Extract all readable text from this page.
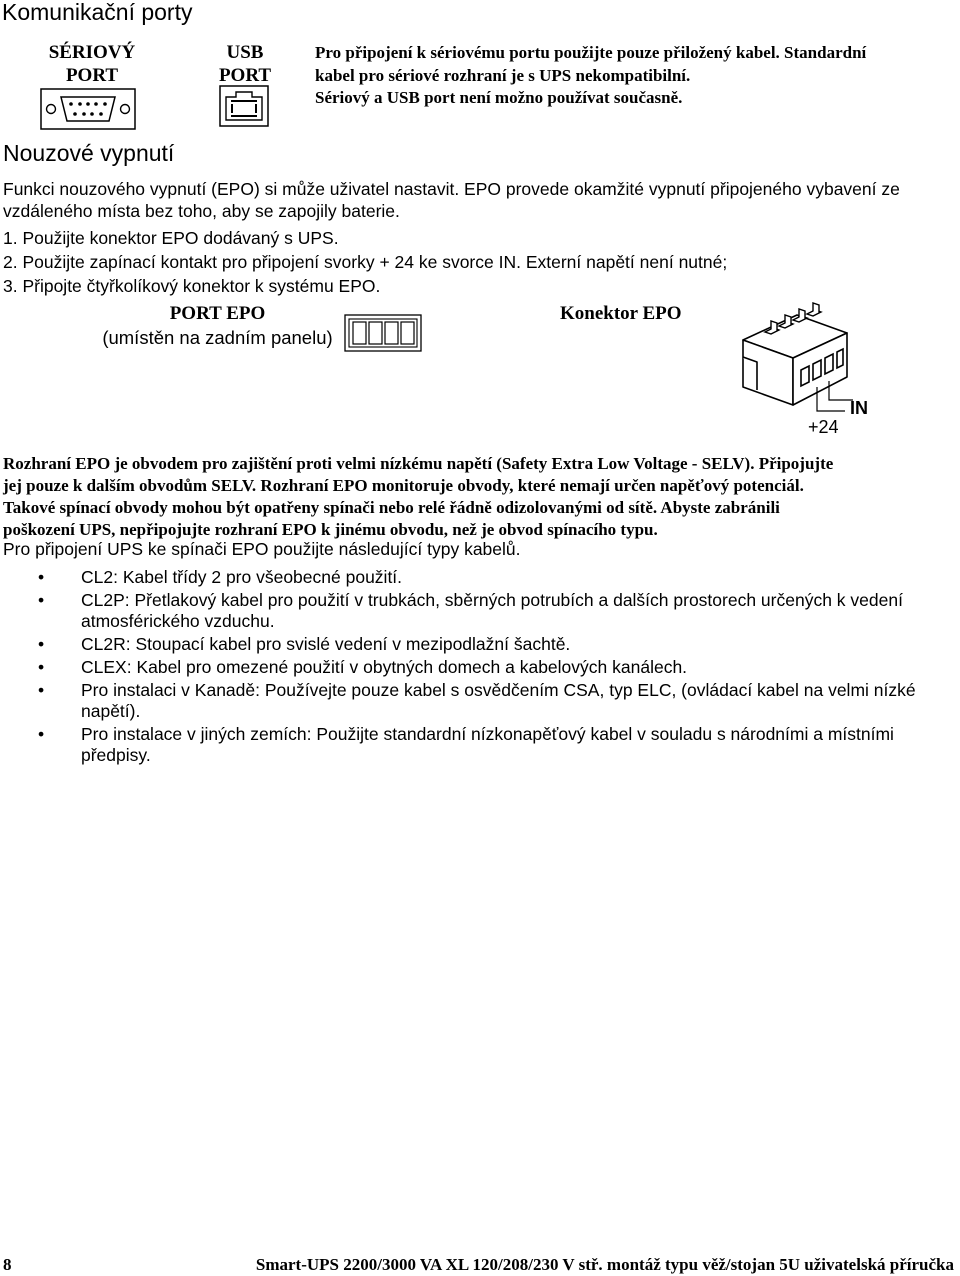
Komunikační porty
SÉRIOVÝ
PORT
USB
PORT
Pro připojení k sériovému portu použijte pouze přiložený kabel. Standardní
kabel pro sériové rozhraní je s UPS nekompatibilní.
Sériový a USB port není možno používat současně.
Nouzové vypnutí
Funkci nouzového vypnutí (EPO) si může uživatel nastavit. EPO provede okamžité vypnutí připojeného vybavení ze
vzdáleného místa bez toho, aby se zapojily baterie.
1. Použijte konektor EPO dodávaný s UPS.
2. Použijte zapínací kontakt pro připojení svorky + 24 ke svorce IN. Externí napětí není nutné;
3. Připojte čtyřkolíkový konektor k systému EPO.
PORT EPO
(umístěn na zadním panelu)
Konektor EPO
IN
+24
Rozhraní EPO je obvodem pro zajištění proti velmi nízkému napětí (Safety Extra Low Voltage - SELV). Připojujte
jej pouze k dalším obvodům SELV. Rozhraní EPO monitoruje obvody, které nemají určen napěťový potenciál.
Takové spínací obvody mohou být opatřeny spínači nebo relé řádně odizolovanými od sítě. Abyste zabránili
poškození UPS, nepřipojujte rozhraní EPO k jinému obvodu, než je obvod spínacího typu.
Pro připojení UPS ke spínači EPO použijte následující typy kabelů.
• CL2: Kabel třídy 2 pro všeobecné použití.
• CL2P: Přetlakový kabel pro použití v trubkách, sběrných potrubích a dalších prostorech určených k vedení atmosférického vzduchu.
• CL2R: Stoupací kabel pro svislé vedení v mezipodlažní šachtě.
• CLEX: Kabel pro omezené použití v obytných domech a kabelových kanálech.
• Pro instalaci v Kanadě: Používejte pouze kabel s osvědčením CSA, typ ELC, (ovládací kabel na velmi nízké napětí).
• Pro instalace v jiných zemích: Použijte standardní nízkonapěťový kabel v souladu s národními a místními předpisy.
8	Smart-UPS 2200/3000 VA XL 120/208/230 V stř. montáž typu věž/stojan 5U uživatelská příručka
